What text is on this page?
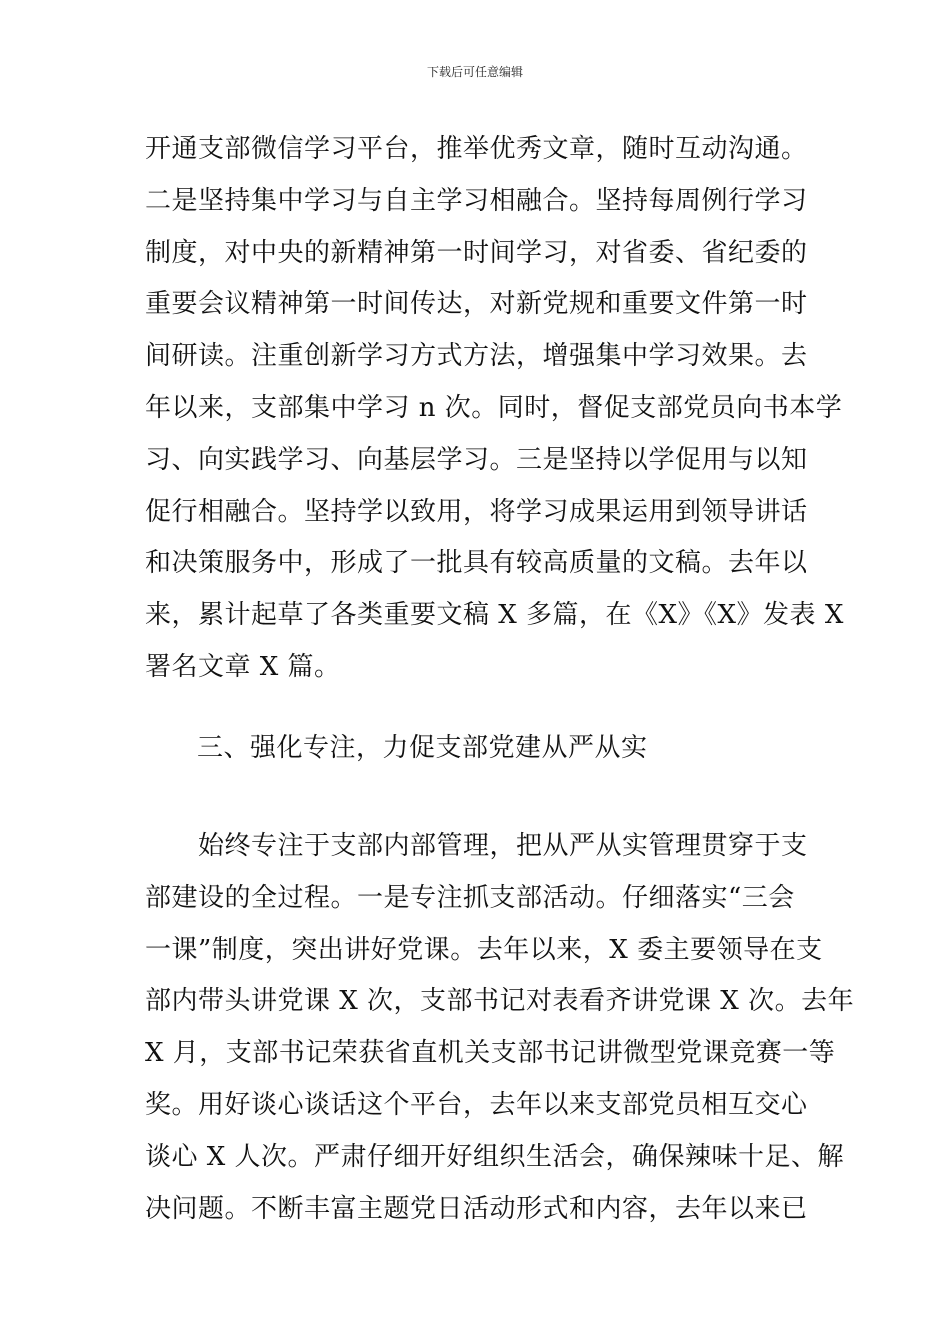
下载后可任意编辑
开通支部微信学习平台，推举优秀文章，随时互动沟通。
二是坚持集中学习与自主学习相融合。坚持每周例行学习
制度，对中央的新精神第一时间学习，对省委、省纪委的
重要会议精神第一时间传达，对新党规和重要文件第一时
间研读。注重创新学习方式方法，增强集中学习效果。去
年以来，支部集中学习 n 次。同时，督促支部党员向书本学
习、向实践学习、向基层学习。三是坚持以学促用与以知
促行相融合。坚持学以致用，将学习成果运用到领导讲话
和决策服务中，形成了一批具有较高质量的文稿。去年以
来，累计起草了各类重要文稿 X 多篇，在《X》《X》发表 X
署名文章 X 篇。
三、强化专注，力促支部党建从严从实
　　始终专注于支部内部管理，把从严从实管理贯穿于支
部建设的全过程。一是专注抓支部活动。仔细落实“三会
一课”制度，突出讲好党课。去年以来，X 委主要领导在支
部内带头讲党课 X 次，支部书记对表看齐讲党课 X 次。去年
X 月，支部书记荣获省直机关支部书记讲微型党课竞赛一等
奖。用好谈心谈话这个平台，去年以来支部党员相互交心
谈心 X 人次。严肃仔细开好组织生活会，确保辣味十足、解
决问题。不断丰富主题党日活动形式和内容，去年以来已
